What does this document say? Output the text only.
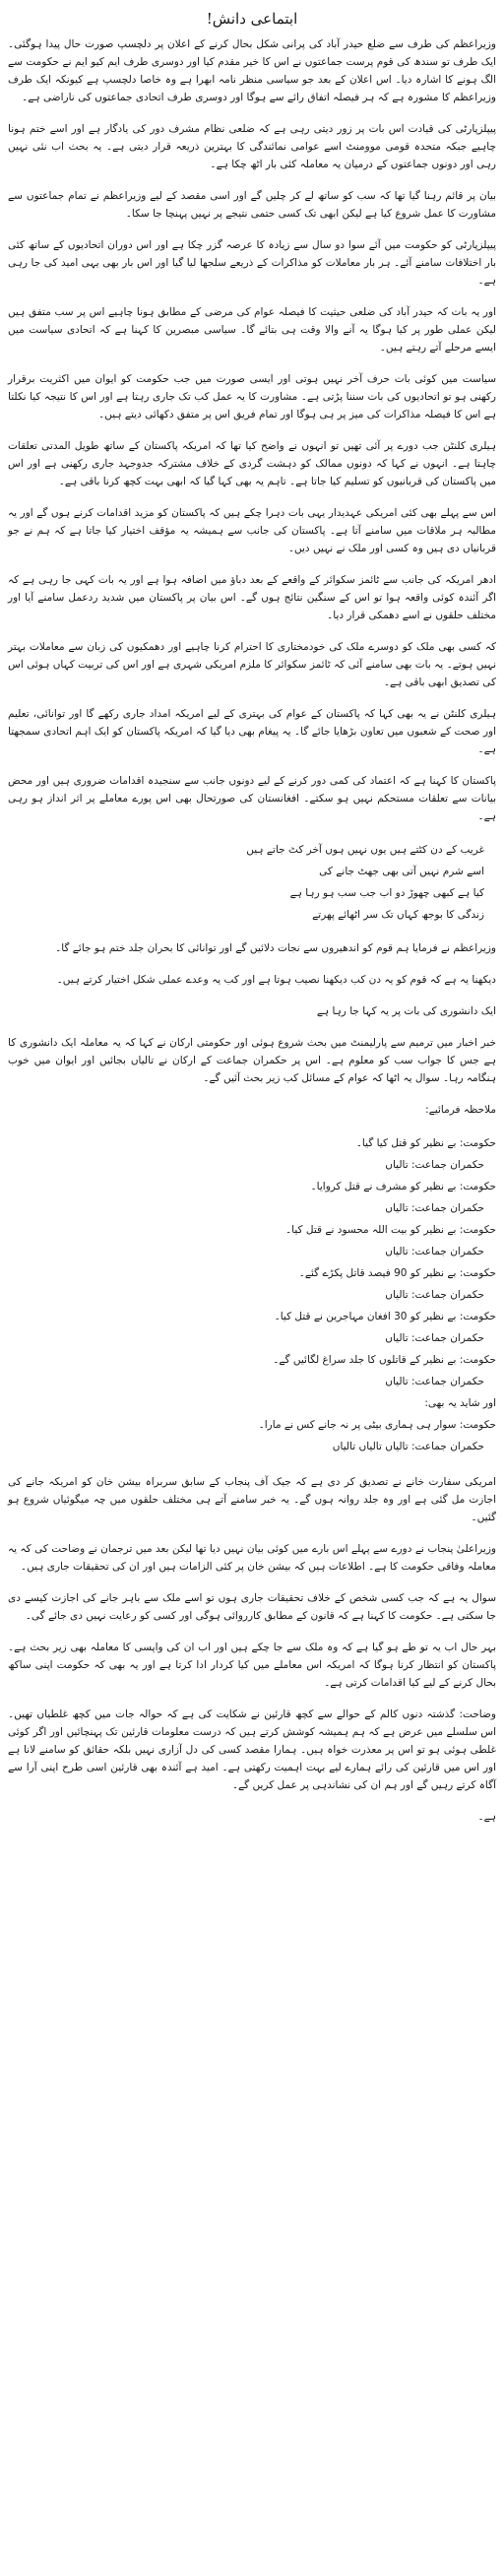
ابتماعی دانش!

وزیراعظم کی طرف سے ضلع حیدر آباد کی پرانی شکل بحال کرنے کے اعلان پر دلچسپ صورت حال پیدا ہوگئی۔ ایک طرف تو سندھ کی قوم پرست جماعتوں نے اس کا خیر مقدم کیا اور دوسری طرف ایم کیو ایم نے حکومت سے الگ ہونے کا اشارہ دیا۔ اس اعلان کے بعد جو سیاسی منظر نامہ ابھرا ہے وہ خاصا دلچسپ ہے کیونکہ ایک طرف وزیراعظم کا مشورہ ہے کہ ہر فیصلہ اتفاق رائے سے ہوگا اور دوسری طرف اتحادی جماعتوں کی ناراضی ہے۔

پیپلزپارٹی کی قیادت اس بات پر زور دیتی رہی ہے کہ ضلعی نظام مشرف دور کی یادگار ہے اور اسے ختم ہونا چاہیے جبکہ متحدہ قومی موومنٹ اسے عوامی نمائندگی کا بہترین ذریعہ قرار دیتی ہے۔ یہ بحث اب نئی نہیں رہی اور دونوں جماعتوں کے درمیان یہ معاملہ کئی بار اٹھ چکا ہے۔

بیان پر قائم رہنا گیا تھا کہ سب کو ساتھ لے کر چلیں گے اور اسی مقصد کے لیے وزیراعظم نے تمام جماعتوں سے مشاورت کا عمل شروع کیا ہے لیکن ابھی تک کسی حتمی نتیجے پر نہیں پہنچا جا سکا۔

پیپلزپارٹی کو حکومت میں آئے سوا دو سال سے زیادہ کا عرصہ گزر چکا ہے اور اس دوران اتحادیوں کے ساتھ کئی بار اختلافات سامنے آئے۔ ہر بار معاملات کو مذاکرات کے ذریعے سلجھا لیا گیا اور اس بار بھی یہی امید کی جا رہی ہے۔

اور یہ بات کہ حیدر آباد کی ضلعی حیثیت کا فیصلہ عوام کی مرضی کے مطابق ہونا چاہیے اس پر سب متفق ہیں لیکن عملی طور پر کیا ہوگا یہ آنے والا وقت ہی بتائے گا۔ سیاسی مبصرین کا کہنا ہے کہ اتحادی سیاست میں ایسے مرحلے آتے رہتے ہیں۔

سیاست میں کوئی بات حرف آخر نہیں ہوتی اور ایسی صورت میں جب حکومت کو ایوان میں اکثریت برقرار رکھنی ہو تو اتحادیوں کی بات سننا پڑتی ہے۔ مشاورت کا یہ عمل کب تک جاری رہتا ہے اور اس کا نتیجہ کیا نکلتا ہے اس کا فیصلہ مذاکرات کی میز پر ہی ہوگا اور تمام فریق اس پر متفق دکھائی دیتے ہیں۔

ہیلری کلنٹن جب دورے پر آئی تھیں تو انہوں نے واضح کیا تھا کہ امریکہ پاکستان کے ساتھ طویل المدتی تعلقات چاہتا ہے۔ انہوں نے کہا کہ دونوں ممالک کو دہشت گردی کے خلاف مشترکہ جدوجہد جاری رکھنی ہے اور اس میں پاکستان کی قربانیوں کو تسلیم کیا جاتا ہے۔ تاہم یہ بھی کہا گیا کہ ابھی بہت کچھ کرنا باقی ہے۔

اس سے پہلے بھی کئی امریکی عہدیدار یہی بات دہرا چکے ہیں کہ پاکستان کو مزید اقدامات کرنے ہوں گے اور یہ مطالبہ ہر ملاقات میں سامنے آتا ہے۔ پاکستان کی جانب سے ہمیشہ یہ مؤقف اختیار کیا جاتا ہے کہ ہم نے جو قربانیاں دی ہیں وہ کسی اور ملک نے نہیں دیں۔

ادھر امریکہ کی جانب سے ٹائمز سکوائر کے واقعے کے بعد دباؤ میں اضافہ ہوا ہے اور یہ بات کہی جا رہی ہے کہ اگر آئندہ کوئی واقعہ ہوا تو اس کے سنگین نتائج ہوں گے۔ اس بیان پر پاکستان میں شدید ردعمل سامنے آیا اور مختلف حلقوں نے اسے دھمکی قرار دیا۔

کہ کسی بھی ملک کو دوسرے ملک کی خودمختاری کا احترام کرنا چاہیے اور دھمکیوں کی زبان سے معاملات بہتر نہیں ہوتے۔ یہ بات بھی سامنے آئی کہ ٹائمز سکوائر کا ملزم امریکی شہری ہے اور اس کی تربیت کہاں ہوئی اس کی تصدیق ابھی باقی ہے۔

ہیلری کلنٹن نے یہ بھی کہا کہ پاکستان کے عوام کی بہتری کے لیے امریکہ امداد جاری رکھے گا اور توانائی، تعلیم اور صحت کے شعبوں میں تعاون بڑھایا جائے گا۔ یہ پیغام بھی دیا گیا کہ امریکہ پاکستان کو ایک اہم اتحادی سمجھتا ہے۔

پاکستان کا کہنا ہے کہ اعتماد کی کمی دور کرنے کے لیے دونوں جانب سے سنجیدہ اقدامات ضروری ہیں اور محض بیانات سے تعلقات مستحکم نہیں ہو سکتے۔ افغانستان کی صورتحال بھی اس پورے معاملے پر اثر انداز ہو رہی ہے۔

غریب کے دن کٹتے ہیں یوں نہیں ہوں آخر کٹ جاتے ہیں
اسے شرم نہیں آتی بھی جھٹ جانے کی
کیا ہے کبھی چھوڑ دو اب جب سب ہو رہا ہے
زندگی کا بوجھ کہاں تک سر اٹھائے پھرتے

وزیراعظم نے فرمایا ہم قوم کو اندھیروں سے نجات دلائیں گے اور توانائی کا بحران جلد ختم ہو جائے گا۔

دیکھنا یہ ہے کہ قوم کو یہ دن کب دیکھنا نصیب ہوتا ہے اور کب یہ وعدے عملی شکل اختیار کرتے ہیں۔

ایک دانشوری کی بات پر یہ کہا جا رہا ہے

خبر اخبار میں ترمیم سے پارلیمنٹ میں بحث شروع ہوئی اور حکومتی ارکان نے کہا کہ یہ معاملہ ایک دانشوری کا ہے جس کا جواب سب کو معلوم ہے۔ اس پر حکمران جماعت کے ارکان نے تالیاں بجائیں اور ایوان میں خوب ہنگامہ رہا۔ سوال یہ اٹھا کہ عوام کے مسائل کب زیر بحث آئیں گے۔

ملاحظہ فرمائیے:

حکومت: بے نظیر کو قتل کیا گیا۔
حکمران جماعت: تالیاں
حکومت: بے نظیر کو مشرف نے قتل کروایا۔
حکمران جماعت: تالیاں
حکومت: بے نظیر کو بیت اللہ محسود نے قتل کیا۔
حکمران جماعت: تالیاں
حکومت: بے نظیر کو 90 فیصد قاتل پکڑے گئے۔
حکمران جماعت: تالیاں
حکومت: بے نظیر کو 30 افغان مہاجرین نے قتل کیا۔
حکمران جماعت: تالیاں
حکومت: بے نظیر کے قاتلوں کا جلد سراغ لگائیں گے۔
حکمران جماعت: تالیاں
اور شاید یہ بھی:
حکومت: سوار ہی ہماری بیٹی پر نہ جانے کس نے مارا۔
حکمران جماعت: تالیاں تالیاں تالیاں

امریکی سفارت خانے نے تصدیق کر دی ہے کہ جیک آف پنجاب کے سابق سربراہ بیشن خان کو امریکہ جانے کی اجازت مل گئی ہے اور وہ جلد روانہ ہوں گے۔ یہ خبر سامنے آتے ہی مختلف حلقوں میں چہ میگوئیاں شروع ہو گئیں۔

وزیراعلیٰ پنجاب نے دورے سے پہلے اس بارے میں کوئی بیان نہیں دیا تھا لیکن بعد میں ترجمان نے وضاحت کی کہ یہ معاملہ وفاقی حکومت کا ہے۔ اطلاعات ہیں کہ بیشن خان پر کئی الزامات ہیں اور ان کی تحقیقات جاری ہیں۔

سوال یہ ہے کہ جب کسی شخص کے خلاف تحقیقات جاری ہوں تو اسے ملک سے باہر جانے کی اجازت کیسے دی جا سکتی ہے۔ حکومت کا کہنا ہے کہ قانون کے مطابق کارروائی ہوگی اور کسی کو رعایت نہیں دی جائے گی۔

بہر حال اب یہ تو طے ہو گیا ہے کہ وہ ملک سے جا چکے ہیں اور اب ان کی واپسی کا معاملہ بھی زیر بحث ہے۔ پاکستان کو انتظار کرنا ہوگا کہ امریکہ اس معاملے میں کیا کردار ادا کرتا ہے اور یہ بھی کہ حکومت اپنی ساکھ بحال کرنے کے لیے کیا اقدامات کرتی ہے۔

وضاحت: گذشتہ دنوں کالم کے حوالے سے کچھ قارئین نے شکایت کی ہے کہ حوالہ جات میں کچھ غلطیاں تھیں۔ اس سلسلے میں عرض ہے کہ ہم ہمیشہ کوشش کرتے ہیں کہ درست معلومات قارئین تک پہنچائیں اور اگر کوئی غلطی ہوئی ہو تو اس پر معذرت خواہ ہیں۔ ہمارا مقصد کسی کی دل آزاری نہیں بلکہ حقائق کو سامنے لانا ہے اور اس میں قارئین کی رائے ہمارے لیے بہت اہمیت رکھتی ہے۔ امید ہے آئندہ بھی قارئین اسی طرح اپنی آرا سے آگاہ کرتے رہیں گے اور ہم ان کی نشاندہی پر عمل کریں گے۔

ہے۔
